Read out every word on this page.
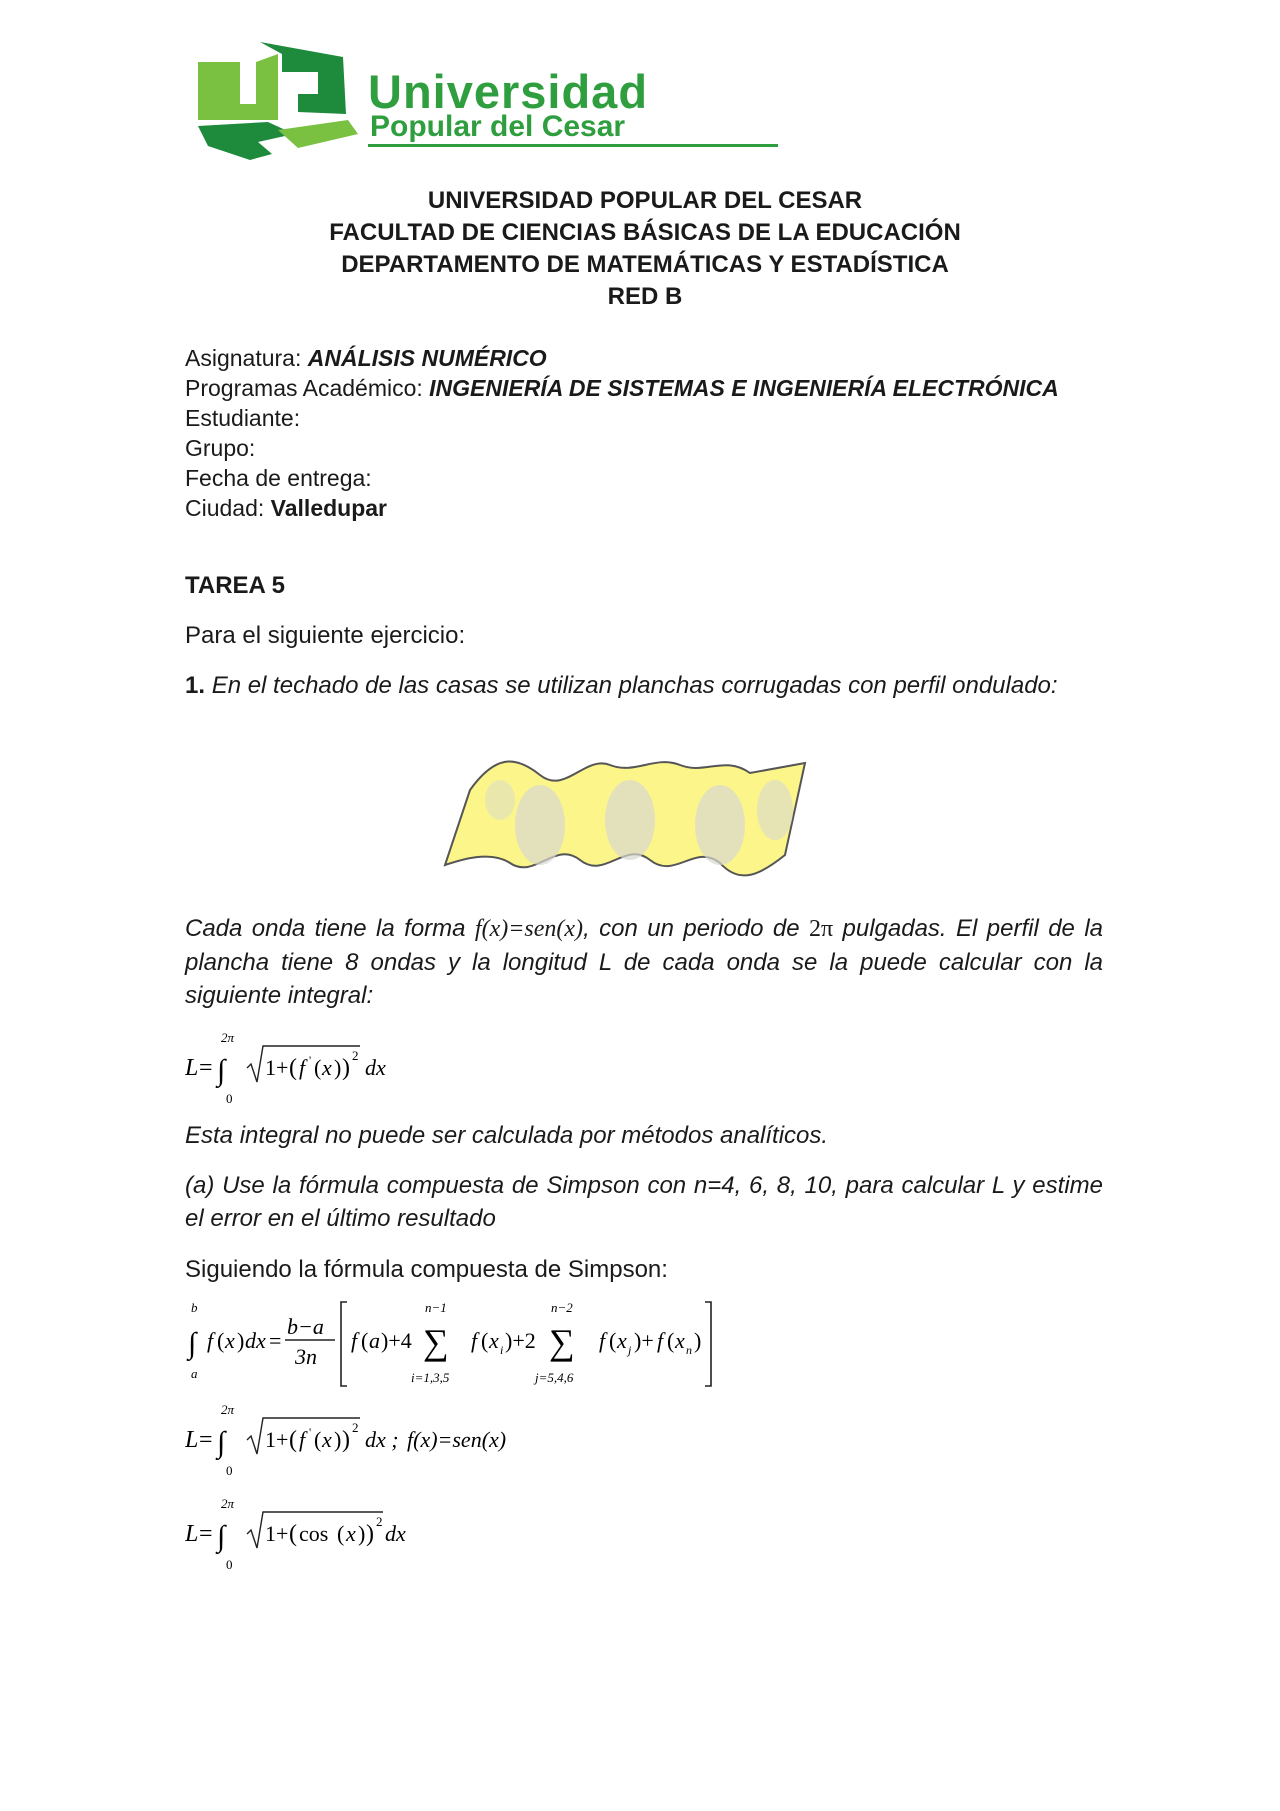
Universidad
Popular del Cesar
UNIVERSIDAD POPULAR DEL CESAR
FACULTAD DE CIENCIAS BÁSICAS DE LA EDUCACIÓN
DEPARTAMENTO DE MATEMÁTICAS Y ESTADÍSTICA
RED B
Asignatura: ANÁLISIS NUMÉRICO
Programas Académico: INGENIERÍA DE SISTEMAS E INGENIERÍA ELECTRÓNICA
Estudiante:
Grupo:
Fecha de entrega:
Ciudad: Valledupar
TAREA 5
Para el siguiente ejercicio:
1. En el techado de las casas se utilizan planchas corrugadas con perfil ondulado:
Cada onda tiene la forma f(x)=sen(x), con un periodo de 2π pulgadas. El perfil de la plancha tiene 8 ondas y la longitud L de cada onda se la puede calcular con la siguiente integral:
L = ∫
2π
0
1+ ( f ' ( x ) ) 2 dx
Esta integral no puede ser calculada por métodos analíticos.
(a) Use la fórmula compuesta de Simpson con n=4, 6, 8, 10, para calcular L y estime el error en el último resultado
Siguiendo la fórmula compuesta de Simpson:
∫
b
a
f ( x ) dx =
b−a
3n
f ( a )+4 ∑
n−1
i=1,3,5
f ( x i )+2 ∑
n−2
j=5,4,6
f ( x j )+ f ( x n )
L = ∫
2π
0
1+ ( f ' ( x ) ) 2 dx ; f(x)=sen(x)
L = ∫
2π
0
1+ ( cos ( x ) ) 2 dx
